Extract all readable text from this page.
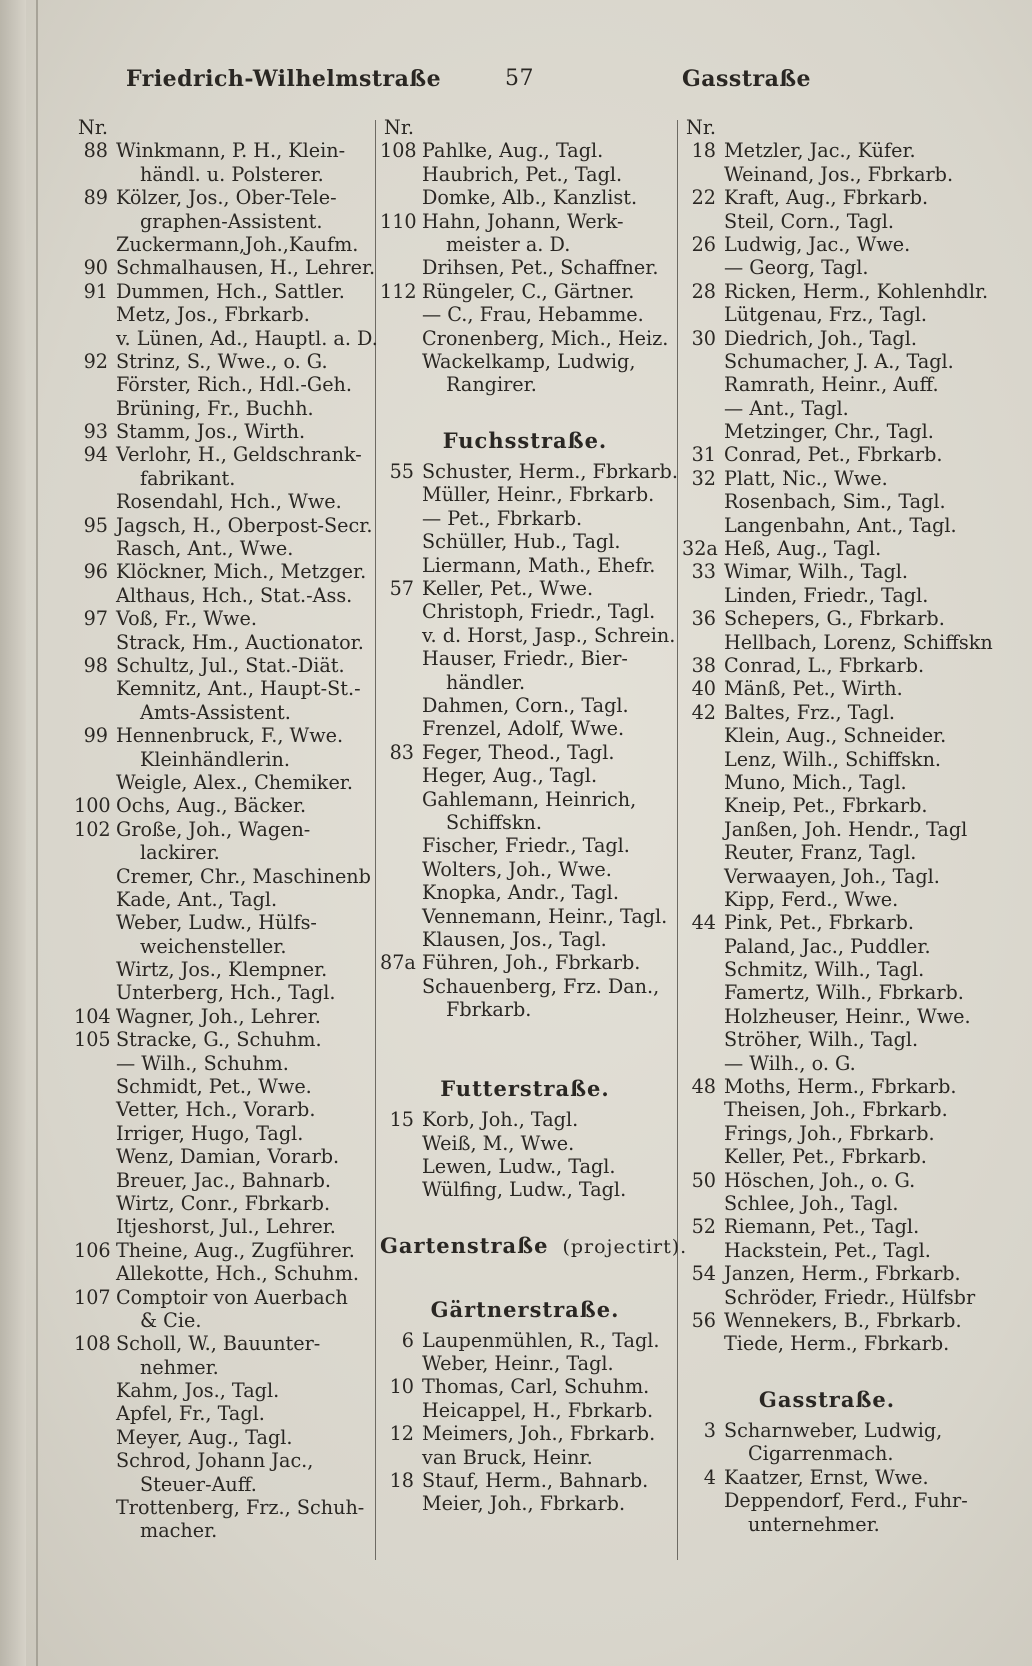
Friedrich-Wilhelmstraße	57	Gasstraße
Nr.
88 Winkmann, P. H., Klein-
händl. u. Polsterer.
89 Kölzer, Jos., Ober-Tele-
graphen-Assistent.
Zuckermann,Joh.,Kaufm.
90 Schmalhausen, H., Lehrer.
91 Dummen, Hch., Sattler.
Metz, Jos., Fbrkarb.
v. Lünen, Ad., Hauptl. a. D.
92 Strinz, S., Wwe., o. G.
Förster, Rich., Hdl.-Geh.
Brüning, Fr., Buchh.
93 Stamm, Jos., Wirth.
94 Verlohr, H., Geldschrank-
fabrikant.
Rosendahl, Hch., Wwe.
95 Jagsch, H., Oberpost-Secr.
Rasch, Ant., Wwe.
96 Klöckner, Mich., Metzger.
Althaus, Hch., Stat.-Ass.
97 Voß, Fr., Wwe.
Strack, Hm., Auctionator.
98 Schultz, Jul., Stat.-Diät.
Kemnitz, Ant., Haupt-St.-
Amts-Assistent.
99 Hennenbruck, F., Wwe.
Kleinhändlerin.
Weigle, Alex., Chemiker.
100 Ochs, Aug., Bäcker.
102 Große, Joh., Wagen-
lackirer.
Cremer, Chr., Maschinenb
Kade, Ant., Tagl.
Weber, Ludw., Hülfs-
weichensteller.
Wirtz, Jos., Klempner.
Unterberg, Hch., Tagl.
104 Wagner, Joh., Lehrer.
105 Stracke, G., Schuhm.
— Wilh., Schuhm.
Schmidt, Pet., Wwe.
Vetter, Hch., Vorarb.
Irriger, Hugo, Tagl.
Wenz, Damian, Vorarb.
Breuer, Jac., Bahnarb.
Wirtz, Conr., Fbrkarb.
Itjeshorst, Jul., Lehrer.
106 Theine, Aug., Zugführer.
Allekotte, Hch., Schuhm.
107 Comptoir von Auerbach
& Cie.
108 Scholl, W., Bauunter-
nehmer.
Kahm, Jos., Tagl.
Apfel, Fr., Tagl.
Meyer, Aug., Tagl.
Schrod, Johann Jac.,
Steuer-Auff.
Trottenberg, Frz., Schuh-
macher.
Nr.
108 Pahlke, Aug., Tagl.
Haubrich, Pet., Tagl.
Domke, Alb., Kanzlist.
110 Hahn, Johann, Werk-
meister a. D.
Drihsen, Pet., Schaffner.
112 Rüngeler, C., Gärtner.
— C., Frau, Hebamme.
Cronenberg, Mich., Heiz.
Wackelkamp, Ludwig,
Rangirer.
Fuchsstraße.
55 Schuster, Herm., Fbrkarb.
Müller, Heinr., Fbrkarb.
— Pet., Fbrkarb.
Schüller, Hub., Tagl.
Liermann, Math., Ehefr.
57 Keller, Pet., Wwe.
Christoph, Friedr., Tagl.
v. d. Horst, Jasp., Schrein.
Hauser, Friedr., Bier-
händler.
Dahmen, Corn., Tagl.
Frenzel, Adolf, Wwe.
83 Feger, Theod., Tagl.
Heger, Aug., Tagl.
Gahlemann, Heinrich,
Schiffskn.
Fischer, Friedr., Tagl.
Wolters, Joh., Wwe.
Knopka, Andr., Tagl.
Vennemann, Heinr., Tagl.
Klausen, Jos., Tagl.
87a Führen, Joh., Fbrkarb.
Schauenberg, Frz. Dan.,
Fbrkarb.
Futterstraße.
15 Korb, Joh., Tagl.
Weiß, M., Wwe.
Lewen, Ludw., Tagl.
Wülfing, Ludw., Tagl.
Gartenstraße (projectirt).
Gärtnerstraße.
6 Laupenmühlen, R., Tagl.
Weber, Heinr., Tagl.
10 Thomas, Carl, Schuhm.
Heicappel, H., Fbrkarb.
12 Meimers, Joh., Fbrkarb.
van Bruck, Heinr.
18 Stauf, Herm., Bahnarb.
Meier, Joh., Fbrkarb.
Nr.
18 Metzler, Jac., Küfer.
Weinand, Jos., Fbrkarb.
22 Kraft, Aug., Fbrkarb.
Steil, Corn., Tagl.
26 Ludwig, Jac., Wwe.
— Georg, Tagl.
28 Ricken, Herm., Kohlenhdlr.
Lütgenau, Frz., Tagl.
30 Diedrich, Joh., Tagl.
Schumacher, J. A., Tagl.
Ramrath, Heinr., Auff.
— Ant., Tagl.
Metzinger, Chr., Tagl.
31 Conrad, Pet., Fbrkarb.
32 Platt, Nic., Wwe.
Rosenbach, Sim., Tagl.
Langenbahn, Ant., Tagl.
32a Heß, Aug., Tagl.
33 Wimar, Wilh., Tagl.
Linden, Friedr., Tagl.
36 Schepers, G., Fbrkarb.
Hellbach, Lorenz, Schiffskn
38 Conrad, L., Fbrkarb.
40 Mänß, Pet., Wirth.
42 Baltes, Frz., Tagl.
Klein, Aug., Schneider.
Lenz, Wilh., Schiffskn.
Muno, Mich., Tagl.
Kneip, Pet., Fbrkarb.
Janßen, Joh. Hendr., Tagl
Reuter, Franz, Tagl.
Verwaayen, Joh., Tagl.
Kipp, Ferd., Wwe.
44 Pink, Pet., Fbrkarb.
Paland, Jac., Puddler.
Schmitz, Wilh., Tagl.
Famertz, Wilh., Fbrkarb.
Holzheuser, Heinr., Wwe.
Ströher, Wilh., Tagl.
— Wilh., o. G.
48 Moths, Herm., Fbrkarb.
Theisen, Joh., Fbrkarb.
Frings, Joh., Fbrkarb.
Keller, Pet., Fbrkarb.
50 Höschen, Joh., o. G.
Schlee, Joh., Tagl.
52 Riemann, Pet., Tagl.
Hackstein, Pet., Tagl.
54 Janzen, Herm., Fbrkarb.
Schröder, Friedr., Hülfsbr
56 Wennekers, B., Fbrkarb.
Tiede, Herm., Fbrkarb.
Gasstraße.
3 Scharnweber, Ludwig,
Cigarrenmach.
4 Kaatzer, Ernst, Wwe.
Deppendorf, Ferd., Fuhr-
unternehmer.
